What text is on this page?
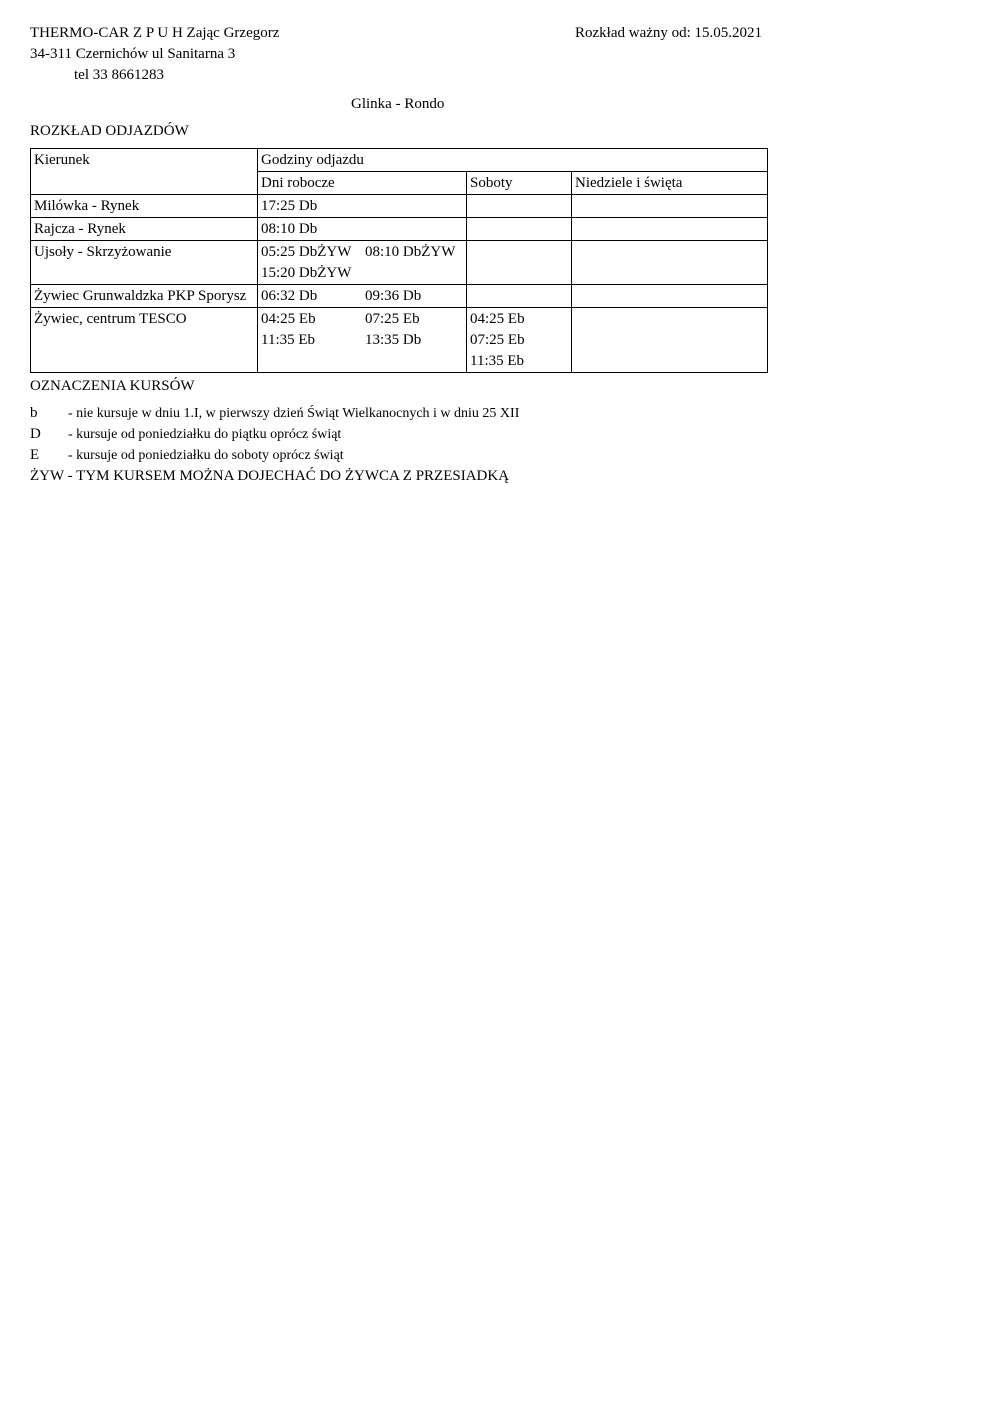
THERMO-CAR Z P U H Zając Grzegorz	Rozkład ważny od: 15.05.2021
34-311 Czernichów ul Sanitarna 3
tel 33 8661283
Glinka - Rondo
ROZKŁAD ODJAZDÓW
Kierunek	Godziny odjazdu		
	Dni robocze	Soboty	Niedziele i święta
Milówka - Rynek	17:25 Db		

Rajcza - Rynek	08:10 Db		

Ujsoły - Skrzyżowanie	05:25 DbŻYW 08:10 DbŻYW
15:20 DbŻYW		

Żywiec Grunwaldzka PKP Sporysz	06:32 Db 09:36 Db		

Żywiec, centrum TESCO	04:25 Eb 07:25 Eb
11:35 Eb 13:35 Db	04:25 Eb
07:25 Eb
11:35 Eb	

OZNACZENIA KURSÓW
b - nie kursuje w dniu 1.I, w pierwszy dzień Świąt Wielkanocnych i w dniu 25 XII
D - kursuje od poniedziałku do piątku oprócz świąt
E - kursuje od poniedziałku do soboty oprócz świąt
ŻYW - TYM KURSEM MOŻNA DOJECHAĆ DO ŻYWCA Z PRZESIADKĄ
